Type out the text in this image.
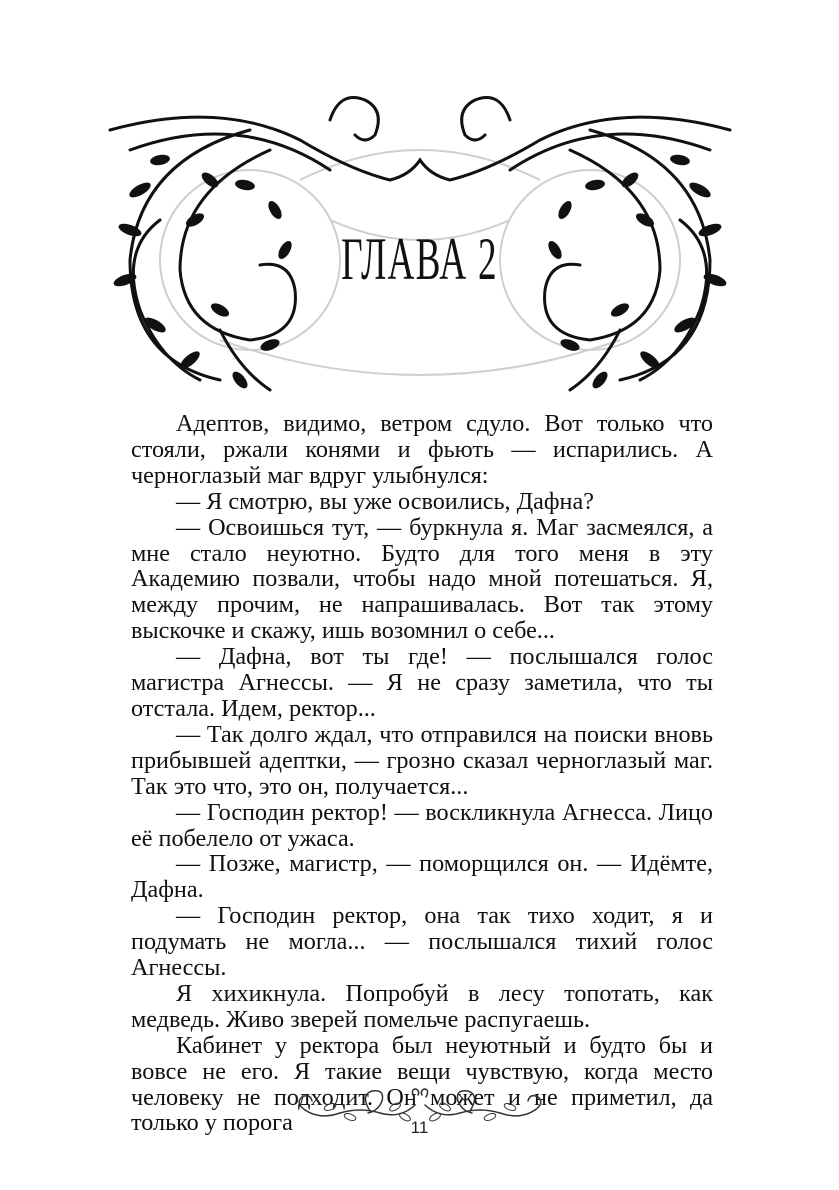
ГЛАВА 2

Адептов, видимо, ветром сдуло. Вот только что стояли, ржали конями и фьють — испарились. А черноглазый маг вдруг улыбнулся:

— Я смотрю, вы уже освоились, Дафна?

— Освоишься тут, — буркнула я. Маг засмеялся, а мне стало неуютно. Будто для того меня в эту Академию позвали, чтобы надо мной потешаться. Я, между прочим, не напрашивалась. Вот так этому выскочке и скажу, ишь возомнил о себе...

— Дафна, вот ты где! — послышался голос магистра Агнессы. — Я не сразу заметила, что ты отстала. Идем, ректор...

— Так долго ждал, что отправился на поиски вновь прибывшей адептки, — грозно сказал черноглазый маг. Так это что, это он, получается...

— Господин ректор! — воскликнула Агнесса. Лицо её побелело от ужаса.

— Позже, магистр, — поморщился он. — Идёмте, Дафна.

— Господин ректор, она так тихо ходит, я и подумать не могла... — послышался тихий голос Агнессы.

Я хихикнула. Попробуй в лесу топотать, как медведь. Живо зверей помельче распугаешь.

Кабинет у ректора был неуютный и будто бы и вовсе не его. Я такие вещи чувствую, когда место человеку не подходит. Он может и не приметил, да только у порога	11
